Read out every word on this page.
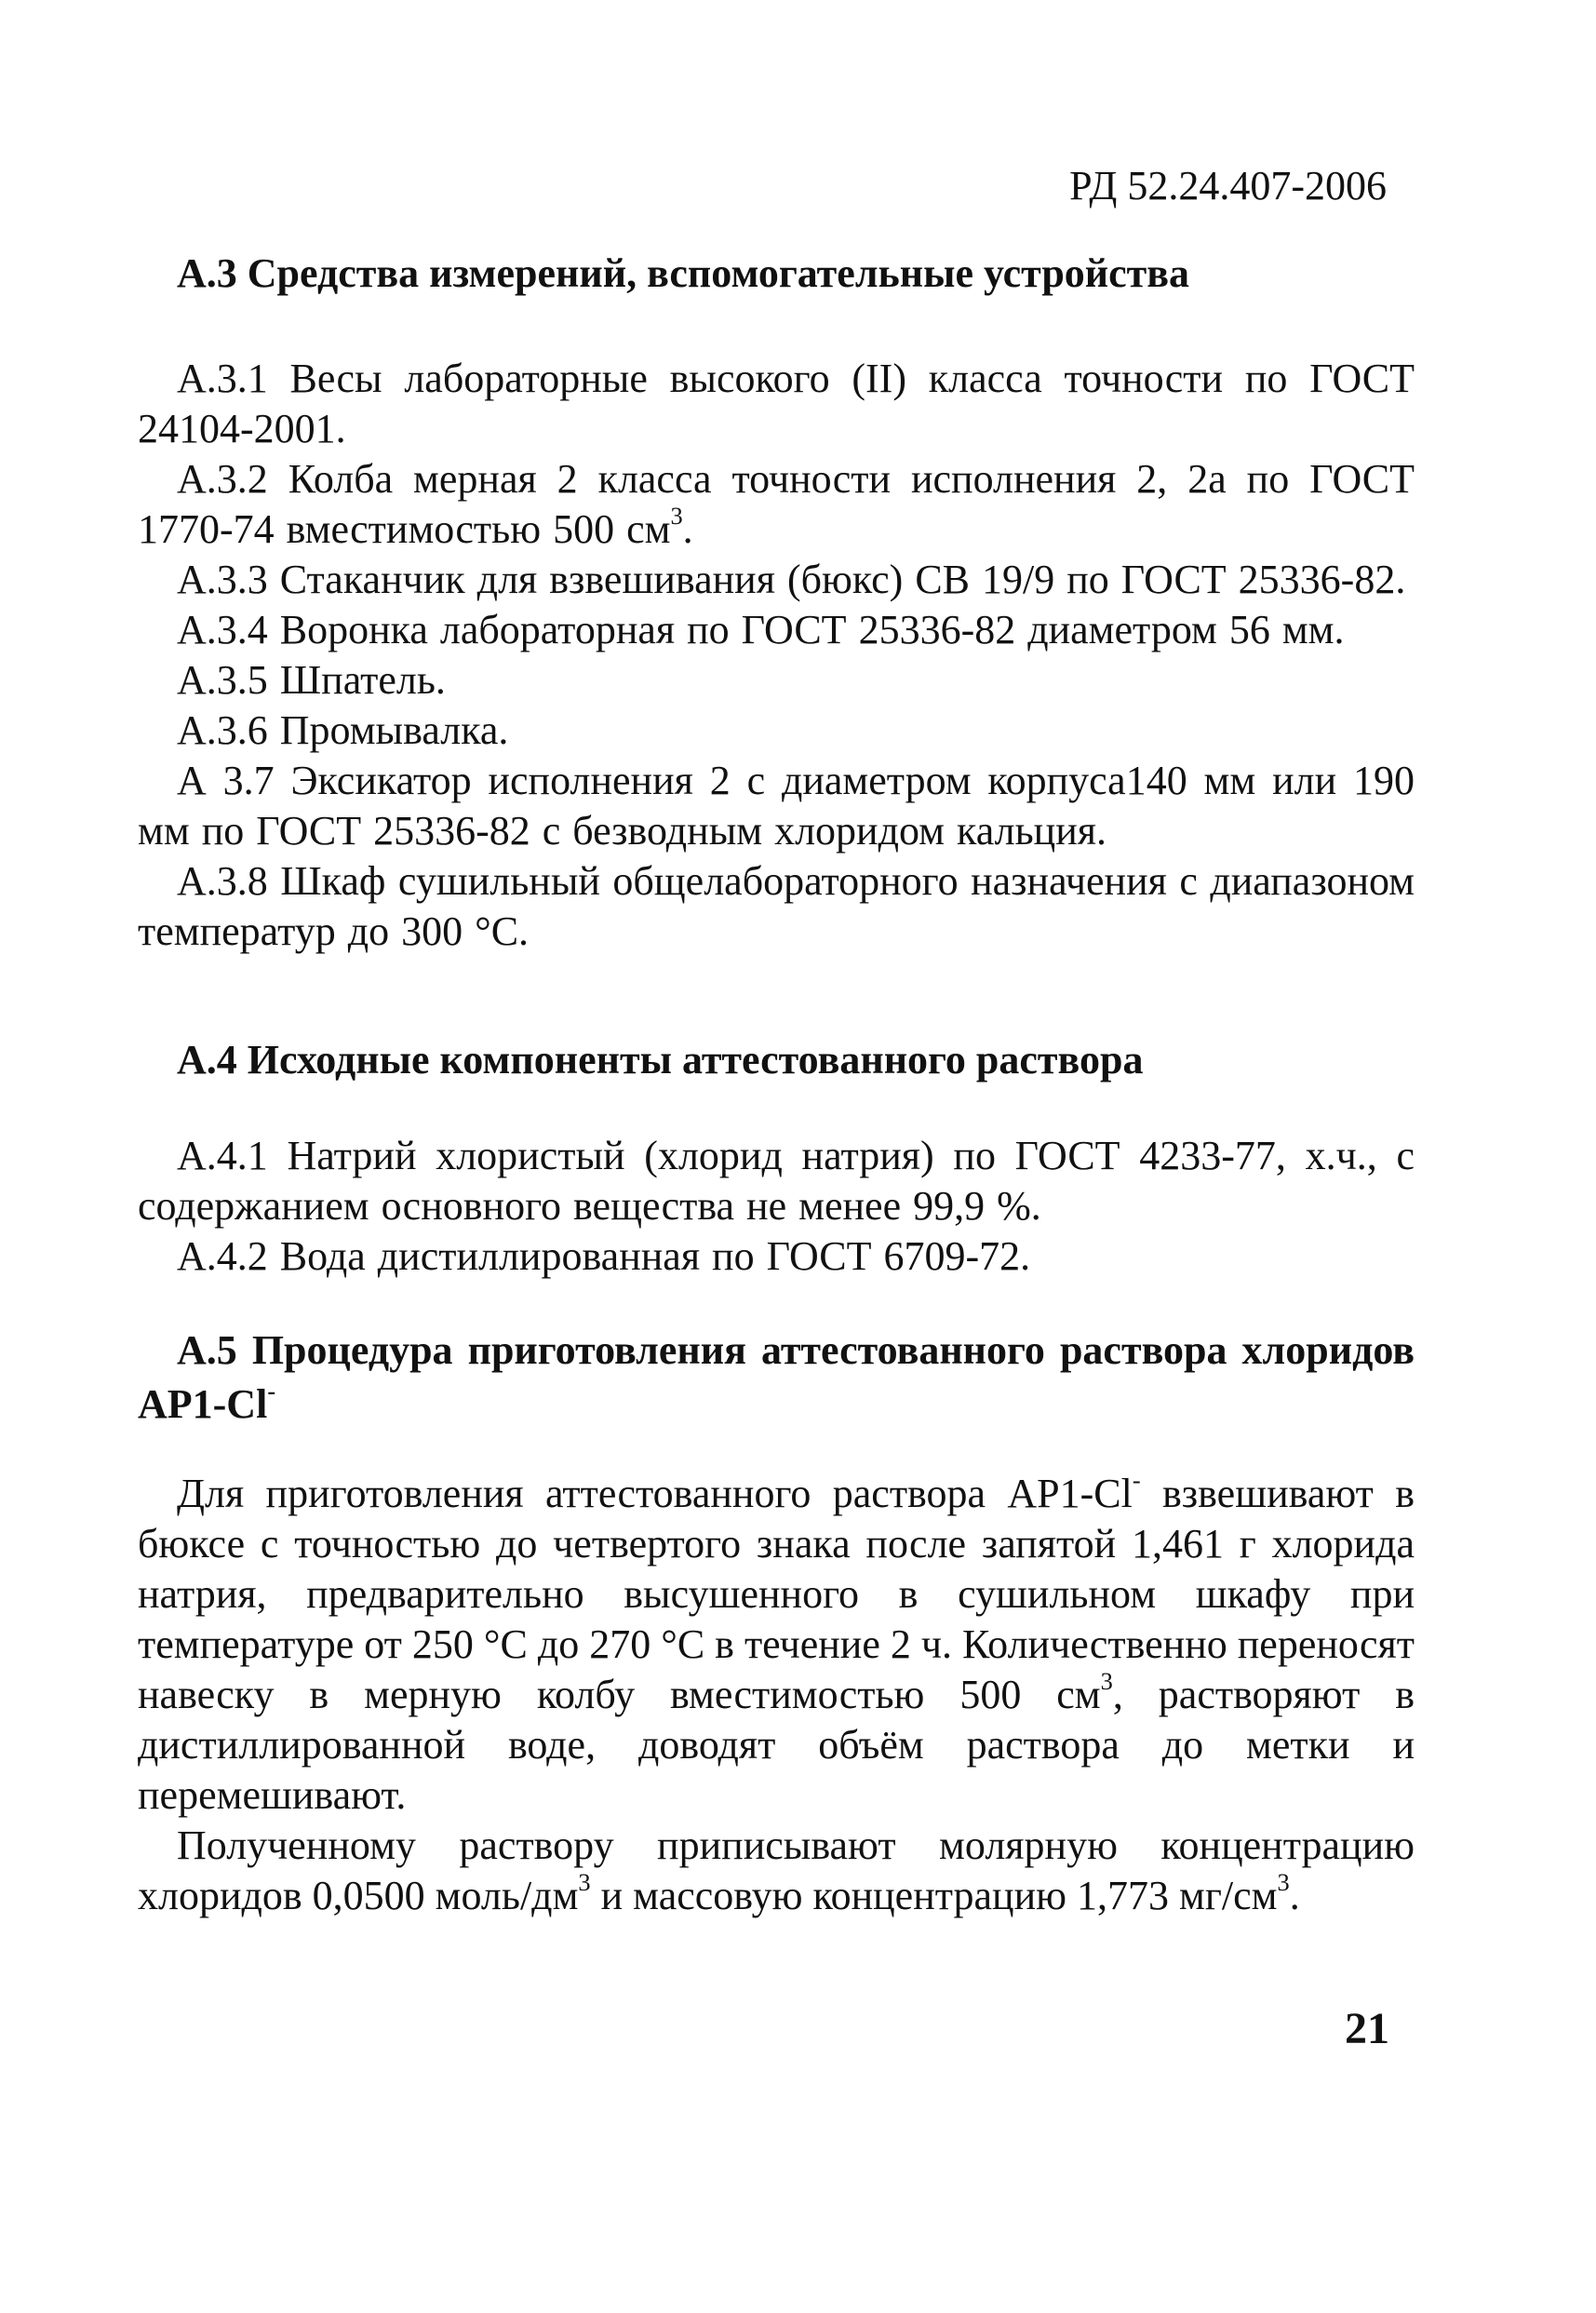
РД 52.24.407-2006
А.3 Средства измерений, вспомогательные устройства

А.3.1 Весы лабораторные высокого (II) класса точности по ГОСТ 24104-2001.

А.3.2 Колба мерная 2 класса точности исполнения 2, 2а по ГОСТ 1770-74 вместимостью 500 $см^3$.

А.3.3 Стаканчик для взвешивания (бюкс) СВ 19/9 по ГОСТ 25336-82.

А.3.4 Воронка лабораторная по ГОСТ 25336-82 диаметром 56 мм.

А.3.5 Шпатель.

А.3.6 Промывалка.

А 3.7 Эксикатор исполнения 2 с диаметром корпуса140 мм или 190 мм по ГОСТ 25336-82 с безводным хлоридом кальция.

А.3.8 Шкаф сушильный общелабораторного назначения с диапазоном температур до 300 °С.

А.4 Исходные компоненты аттестованного раствора

А.4.1 Натрий хлористый (хлорид натрия) по ГОСТ 4233-77, х.ч., с содержанием основного вещества не менее 99,9 %.

А.4.2 Вода дистиллированная по ГОСТ 6709-72.

А.5 Процедура приготовления аттестованного раствора хлоридов АР1-Cl-

Для приготовления аттестованного раствора АР1-Cl- взвешивают в бюксе с точностью до четвертого знака после запятой 1,461 г хлорида натрия, предварительно высушенного в сушильном шкафу при температуре от 250 °С до 270 °С в течение 2 ч. Количественно переносят навеску в мерную колбу вместимостью 500 $см^3$, растворяют в дистиллированной воде, доводят объём раствора до метки и перемешивают.

Полученному раствору приписывают молярную концентрацию хлоридов 0,0500 моль/$дм^3$ и массовую концентрацию 1,773 $мг/см^3$.

21
